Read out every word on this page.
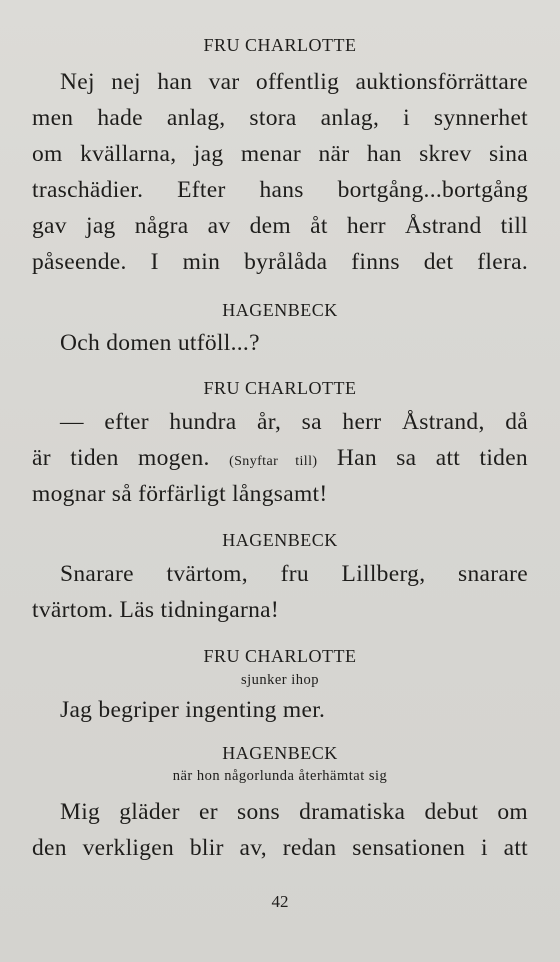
FRU CHARLOTTE
Nej nej han var offentlig auktionsförrättare
men hade anlag, stora anlag, i synnerhet
om kvällarna, jag menar när han skrev sina
traschädier. Efter hans bortgång...bortgång
gav jag några av dem åt herr Åstrand till
påseende. I min byrålåda finns det flera.
HAGENBECK
Och domen utföll...?
FRU CHARLOTTE
— efter hundra år, sa herr Åstrand, då
är tiden mogen. (Snyftar till) Han sa att tiden
mognar så förfärligt långsamt!
HAGENBECK
Snarare tvärtom, fru Lillberg, snarare
tvärtom. Läs tidningarna!
FRU CHARLOTTE
sjunker ihop
Jag begriper ingenting mer.
HAGENBECK
när hon någorlunda återhämtat sig
Mig gläder er sons dramatiska debut om
den verkligen blir av, redan sensationen i att
42
